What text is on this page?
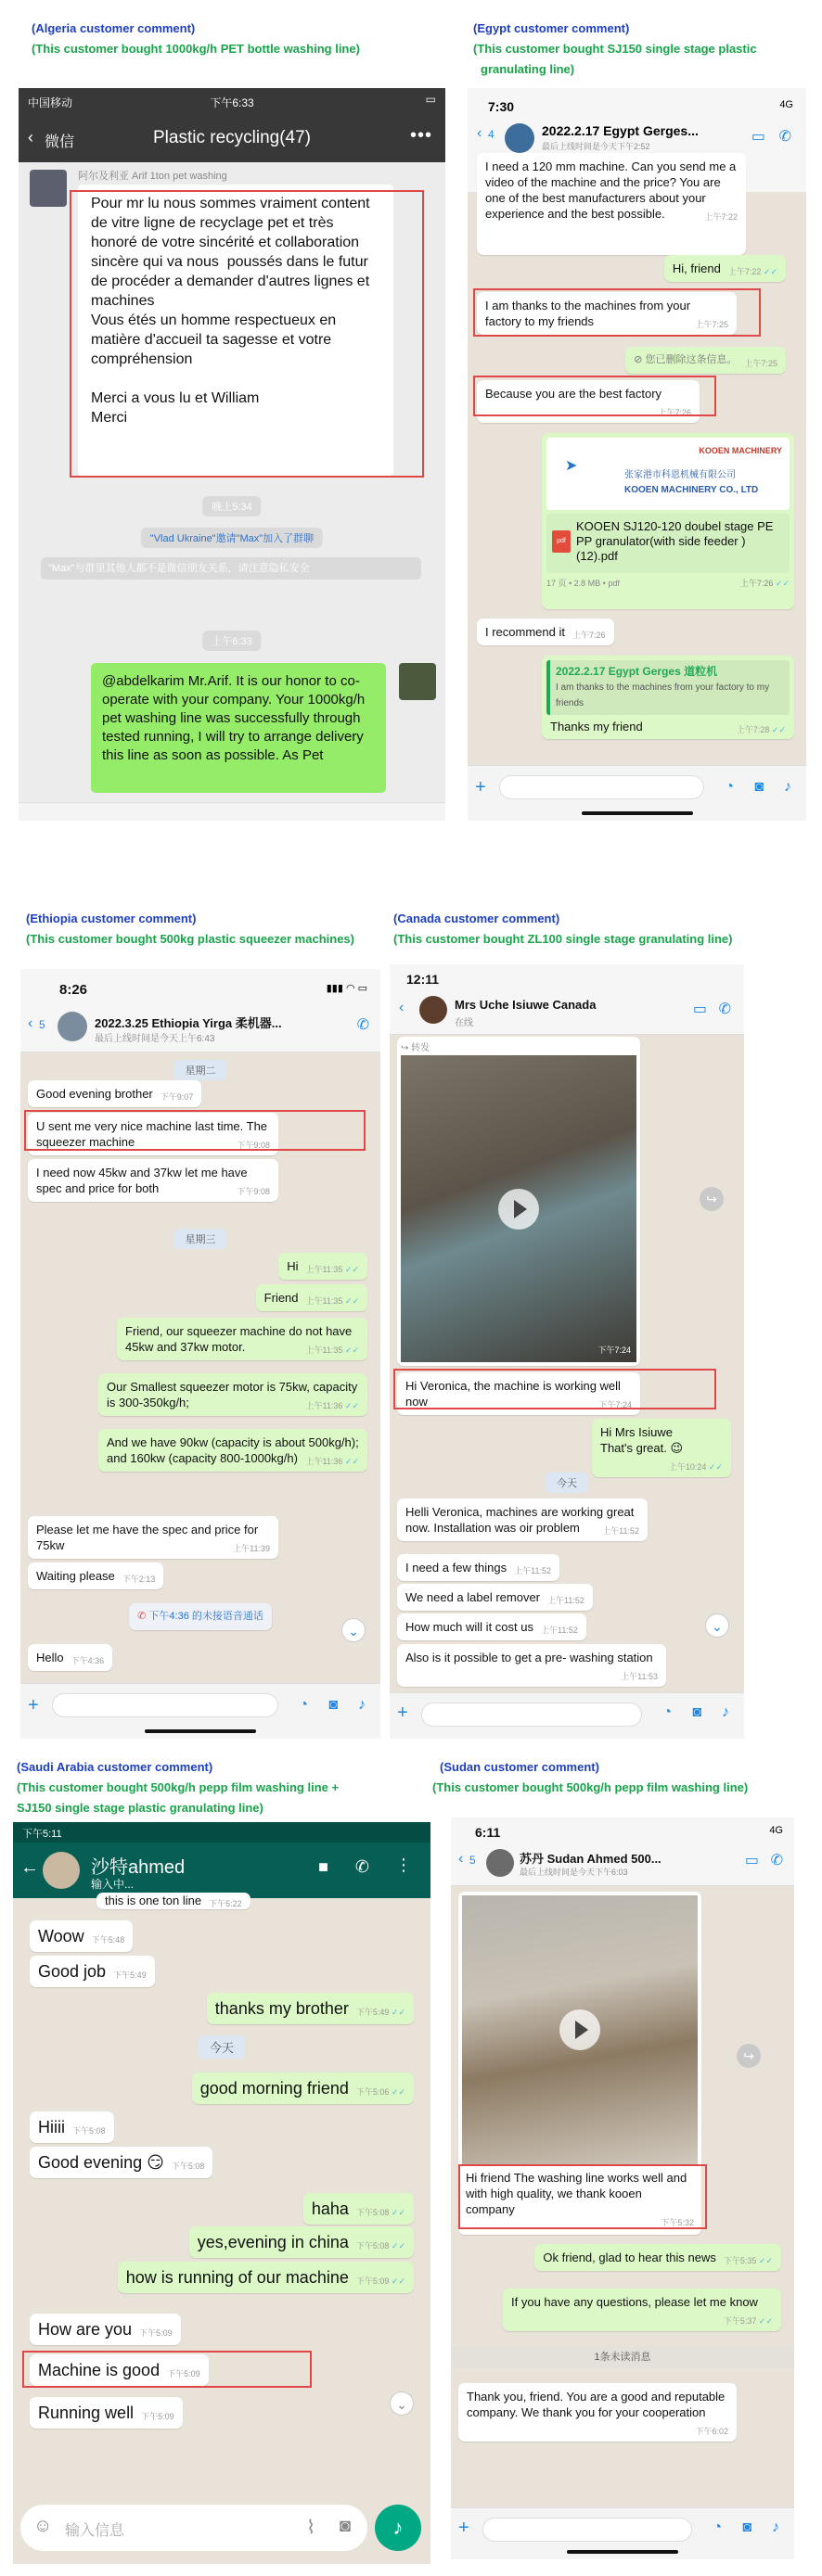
(Algeria customer comment)
(This customer bought 1000kg/h PET bottle washing line)
(Egypt customer comment)
(This customer bought SJ150 single stage plastic
granulating line)
中国移动	下午6:33	▭
‹ 微信	Plastic recycling(47)	•••
阿尔及利亚 Arif 1ton pet washing
Pour mr lu nous sommes vraiment content   de vitre ligne de recyclage pet et très honoré de votre sincérité et collaboration sincère qui va nous  poussés dans le futur de procéder a demander d'autres lignes et machines
Vous étés un homme respectueux en matière d'accueil ta sagesse et votre compréhension

Merci a vous lu et William
Merci
晚上5:34
"Vlad Ukraine"邀请"Max"加入了群聊
"Max"与群里其他人都不是微信朋友关系，请注意隐私安全
上午6:33
@abdelkarim Mr.Arif. It is our honor to co-operate with your company. Your 1000kg/h pet washing line was successfully through tested running, I will try to arrange delivery this line as soon as possible. As Pet
7:30	4G
‹ 4	2022.2.17 Egypt Gerges...
最后上线时间是今天下午2:52
▭ ✆
I need a 120 mm machine. Can you send me a video of the machine and the price? You are one of the best manufacturers about your experience and the best possible.	上午7:22
Hi, friend 上午7:22 ✓✓
I am thanks to the machines from your factory to my friends	上午7:25
⊘ 您已删除这条信息。 上午7:25
Because you are the best factory
上午7:26
KOOEN MACHINERY
➤
张家港市科恩机械有限公司
KOOEN MACHINERY CO., LTD
pdf
KOOEN SJ120-120 doubel stage PE PP granulator(with side feeder )(12).pdf
17 页 • 2.8 MB • pdf	上午7:26 ✓✓
I recommend it 上午7:26
2022.2.17 Egypt Gerges 道粒机
I am thanks to the machines from your factory to my friends
Thanks my friend	上午7:28 ✓✓
+	◔ ◙ ♪
(Ethiopia customer comment)
(This customer bought 500kg plastic squeezer machines)
(Canada customer comment)
(This customer bought ZL100 single stage granulating line)
8:26	▮▮▮ ◠ ▭
‹ 5	2022.3.25 Ethiopia Yirga 柔机器...
最后上线时间是今天上午6:43
✆
星期二
Good evening brother 下午9:07
U sent me very nice machine last time. The squeezer machine	下午9:08
I need now 45kw and 37kw let me have spec and price for both	下午9:08
星期三
Hi 上午11:35 ✓✓
Friend 上午11:35 ✓✓
Friend, our squeezer machine do not have 45kw and 37kw motor.	上午11:35 ✓✓
Our Smallest squeezer motor is 75kw, capacity is 300-350kg/h;	上午11:36 ✓✓
And we have 90kw (capacity is about 500kg/h); and 160kw (capacity 800-1000kg/h) 上午11:36 ✓✓
Please let me have the spec and price for 75kw	上午11:39
Waiting please 下午2:13
✆ 下午4:36 的未接语音通话
⌄
Hello 下午4:36
+	◔ ◙ ♪
12:11
‹	Mrs Uche Isiuwe Canada
在线
▭ ✆
↪ 转发
下午7:24
↪
Hi Veronica, the machine is working well now	下午7:24
Hi Mrs Isiuwe
That's great. 😉
上午10:24 ✓✓
今天
Helli Veronica, machines are working great now. Installation was oir problem	上午11:52
I need a few things 上午11:52
We need a label remover 上午11:52
How much will it cost us 上午11:52	⌄
Also is it possible to get a pre- washing station
上午11:53
+	◔ ◙ ♪
(Saudi Arabia customer comment)
(This customer bought 500kg/h pepp film washing line +
SJ150 single stage plastic granulating line)
(Sudan customer comment)
(This customer bought 500kg/h pepp film washing line)
下午5:11
←	沙特ahmed
输入中...
■ ✆ ⋮
this is one ton line 下午5:22
Woow 下午5:48
Good job 下午5:49
thanks my brother 下午5:49 ✓✓
今天
good morning friend 下午5:06 ✓✓
Hiiii 下午5:08
Good evening 😏 下午5:08
haha 下午5:08 ✓✓
yes,evening in china 下午5:08 ✓✓
how is running of our machine 下午5:09 ✓✓
How are you 下午5:09
Machine is good 下午5:09
⌄
Running well 下午5:09
☺ 输入信息	⌇ ◙	♪
6:11	4G
‹ 5	苏丹 Sudan Ahmed 500...
最后上线时间是今天下午6:03
▭ ✆
Hi friend The washing line works well and with high quality, we thank kooen company
下午5:32
↪
Ok friend, glad to hear this news 下午5:35 ✓✓
If you have any questions, please let me know
下午5:37 ✓✓
1条未读消息
Thank you, friend. You are a good and reputable company. We thank you for your cooperation
下午6:02
+	◔ ◙ ♪
